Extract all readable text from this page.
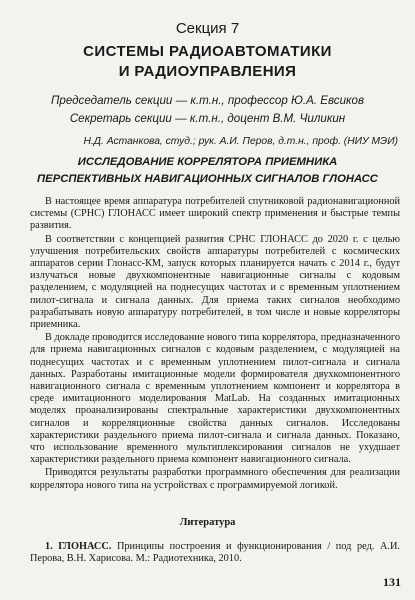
Секция 7
СИСТЕМЫ РАДИОАВТОМАТИКИ
И РАДИОУПРАВЛЕНИЯ
Председатель секции — к.т.н., профессор Ю.А. Евсиков
Секретарь секции — к.т.н., доцент В.М. Чиликин
Н.Д. Астанкова, студ.; рук. А.И. Перов, д.т.н., проф. (НИУ МЭИ)
ИССЛЕДОВАНИЕ КОРРЕЛЯТОРА ПРИЕМНИКА
ПЕРСПЕКТИВНЫХ НАВИГАЦИОННЫХ СИГНАЛОВ ГЛОНАСС

В настоящее время аппаратура потребителей спутниковой радионавигационной системы (СРНС) ГЛОНАСС имеет широкий спектр применения и быстрые темпы развития.

В соответствии с концепцией развития СРНС ГЛОНАСС до 2020 г. с целью улучшения потребительских свойств аппаратуры потребителей с космических аппаратов серии Глонасс-КМ, запуск которых планируется начать с 2014 г., будут излучаться новые двухкомпонентные навигационные сигналы с кодовым разделением, с модуляцией на поднесущих частотах и с временным уплотнением пилот-сигнала и сигнала данных. Для приема таких сигналов необходимо разрабатывать новую аппаратуру потребителей, в том числе и новые корреляторы приемника.

В докладе проводится исследование нового типа коррелятора, предназначенного для приема навигационных сигналов с кодовым разделением, с модуляцией на поднесущих частотах и с временным уплотнением пилот-сигнала и сигнала данных. Разработаны имитационные модели формирователя двухкомпонентного навигационного сигнала с временным уплотнением компонент и коррелятора в среде имитационного моделирования MatLab. На созданных имитационных моделях проанализированы спектральные характеристики двухкомпонентных сигналов и корреляционные свойства данных сигналов. Исследованы характеристики раздельного приема пилот-сигнала и сигнала данных. Показано, что использование временного мультиплексирования сигналов не ухудшает характеристики раздельного приема компонент навигационного сигнала.

Приводятся результаты разработки программного обеспечения для реализации коррелятора нового типа на устройствах с программируемой логикой.

Литература
1. ГЛОНАСС. Принципы построения и функционирования / под ред. А.И. Перова, В.Н. Харисова. М.: Радиотехника, 2010.
131
